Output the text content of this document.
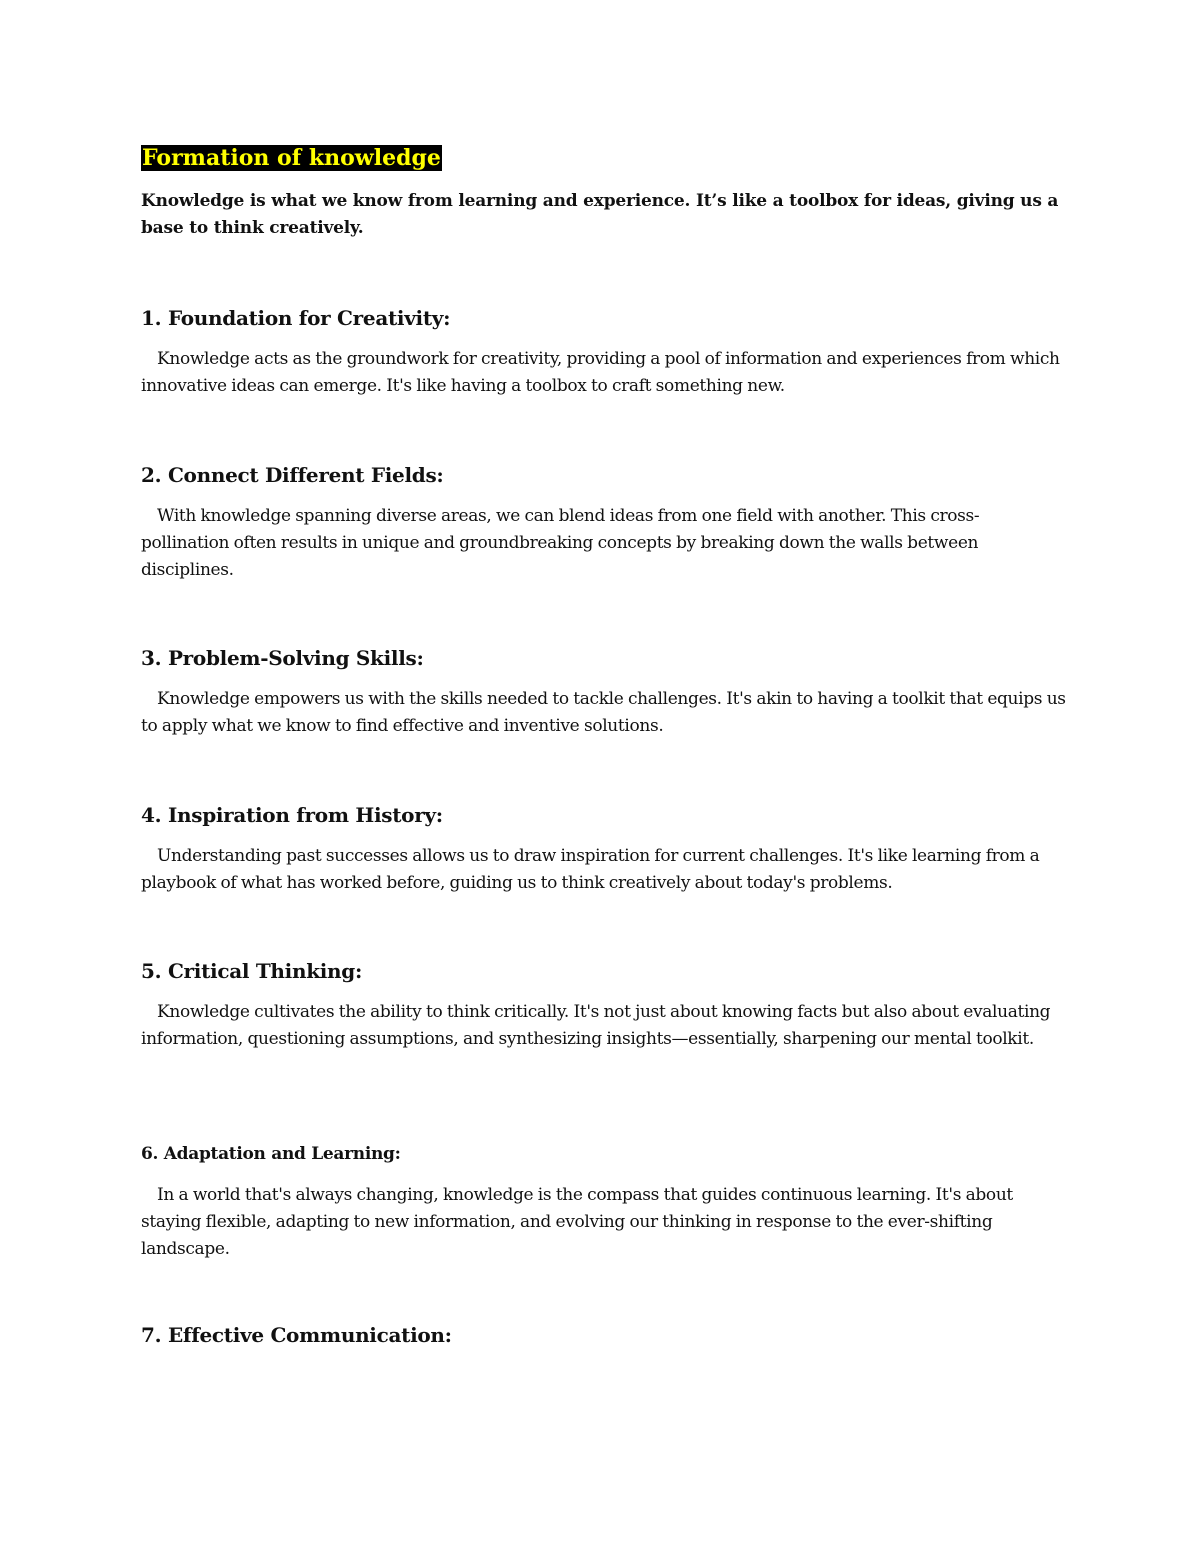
Formation of knowledge

Knowledge is what we know from learning and experience. It’s like a toolbox for ideas, giving us a base to think creatively.

1. Foundation for Creativity:

Knowledge acts as the groundwork for creativity, providing a pool of information and experiences from which innovative ideas can emerge. It's like having a toolbox to craft something new.

2. Connect Different Fields:

With knowledge spanning diverse areas, we can blend ideas from one field with another. This cross-pollination often results in unique and groundbreaking concepts by breaking down the walls between disciplines.

3. Problem-Solving Skills:

Knowledge empowers us with the skills needed to tackle challenges. It's akin to having a toolkit that equips us to apply what we know to find effective and inventive solutions.

4. Inspiration from History:

Understanding past successes allows us to draw inspiration for current challenges. It's like learning from a playbook of what has worked before, guiding us to think creatively about today's problems.

5. Critical Thinking:

Knowledge cultivates the ability to think critically. It's not just about knowing facts but also about evaluating information, questioning assumptions, and synthesizing insights—essentially, sharpening our mental toolkit.

6. Adaptation and Learning:

In a world that's always changing, knowledge is the compass that guides continuous learning. It's about staying flexible, adapting to new information, and evolving our thinking in response to the ever-shifting landscape.

7. Effective Communication:
